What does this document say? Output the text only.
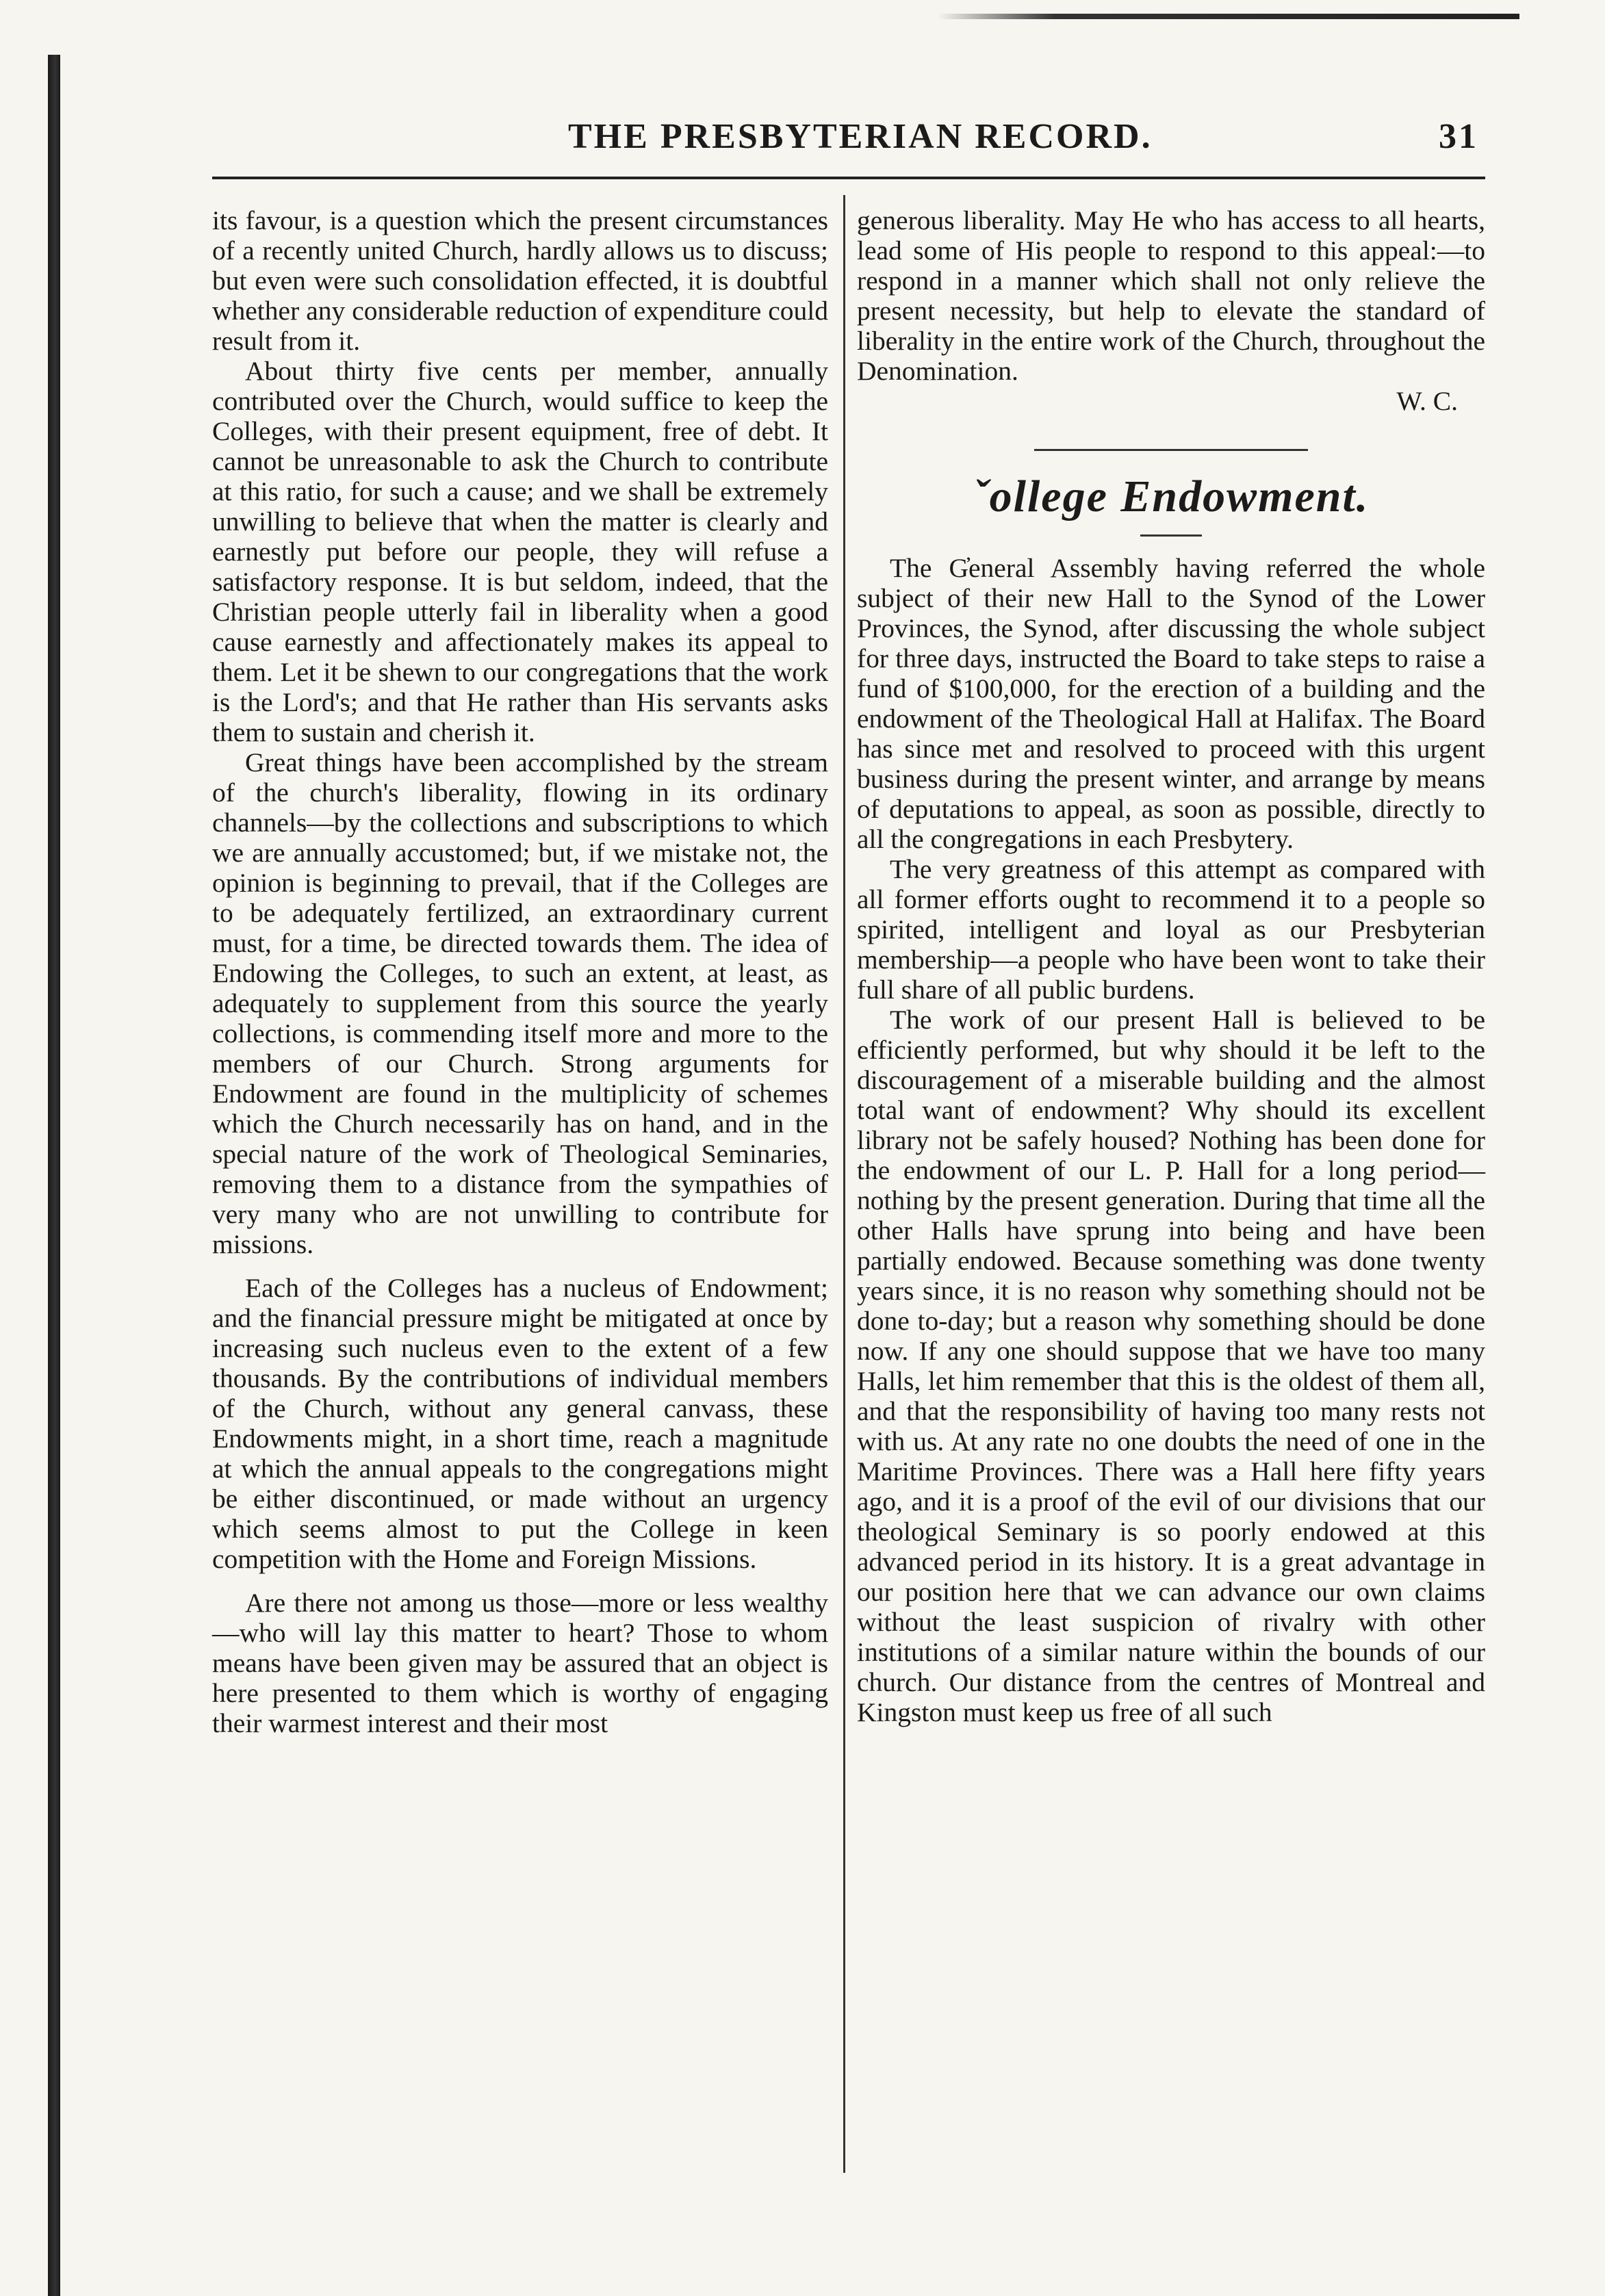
THE PRESBYTERIAN RECORD.	31

its favour, is a question which the present circumstances of a recently united Church, hardly allows us to discuss; but even were such consolidation effected, it is doubtful whether any considerable reduction of expenditure could result from it.

About thirty five cents per member, annually contributed over the Church, would suffice to keep the Colleges, with their present equipment, free of debt. It cannot be unreasonable to ask the Church to contribute at this ratio, for such a cause; and we shall be extremely unwilling to believe that when the matter is clearly and earnestly put before our people, they will refuse a satisfactory response. It is but seldom, indeed, that the Christian people utterly fail in liberality when a good cause earnestly and affectionately makes its appeal to them. Let it be shewn to our congregations that the work is the Lord's; and that He rather than His servants asks them to sustain and cherish it.

Great things have been accomplished by the stream of the church's liberality, flowing in its ordinary channels—by the collections and subscriptions to which we are annually accustomed; but, if we mistake not, the opinion is beginning to prevail, that if the Colleges are to be adequately fertilized, an extraordinary current must, for a time, be directed towards them. The idea of Endowing the Colleges, to such an extent, at least, as adequately to supplement from this source the yearly collections, is commending itself more and more to the members of our Church. Strong arguments for Endowment are found in the multiplicity of schemes which the Church necessarily has on hand, and in the special nature of the work of Theological Seminaries, removing them to a distance from the sympathies of very many who are not unwilling to contribute for missions.

Each of the Colleges has a nucleus of Endowment; and the financial pressure might be mitigated at once by increasing such nucleus even to the extent of a few thousands. By the contributions of individual members of the Church, without any general canvass, these Endowments might, in a short time, reach a magnitude at which the annual appeals to the congregations might be either discontinued, or made without an urgency which seems almost to put the College in keen competition with the Home and Foreign Missions.

Are there not among us those—more or less wealthy—who will lay this matter to heart? Those to whom means have been given may be assured that an object is here presented to them which is worthy of engaging their warmest interest and their most

generous liberality. May He who has access to all hearts, lead some of His people to respond to this appeal:—to respond in a manner which shall not only relieve the present necessity, but help to elevate the standard of liberality in the entire work of the Church, throughout the Denomination.

W. C.

ˇollege Endowment.

The G̓eneral Assembly having referred the whole subject of their new Hall to the Synod of the Lower Provinces, the Synod, after discussing the whole subject for three days, instructed the Board to take steps to raise a fund of $100,000, for the erection of a building and the endowment of the Theological Hall at Halifax. The Board has since met and resolved to proceed with this urgent business during the present winter, and arrange by means of deputations to appeal, as soon as possible, directly to all the congregations in each Presbytery.

The very greatness of this attempt as compared with all former efforts ought to recommend it to a people so spirited, intelligent and loyal as our Presbyterian membership—a people who have been wont to take their full share of all public burdens.

The work of our present Hall is believed to be efficiently performed, but why should it be left to the discouragement of a miserable building and the almost total want of endowment? Why should its excellent library not be safely housed? Nothing has been done for the endowment of our L. P. Hall for a long period—nothing by the present generation. During that time all the other Halls have sprung into being and have been partially endowed. Because something was done twenty years since, it is no reason why something should not be done to-day; but a reason why something should be done now. If any one should suppose that we have too many Halls, let him remember that this is the oldest of them all, and that the responsibility of having too many rests not with us. At any rate no one doubts the need of one in the Maritime Provinces. There was a Hall here fifty years ago, and it is a proof of the evil of our divisions that our theological Seminary is so poorly endowed at this advanced period in its history. It is a great advantage in our position here that we can advance our own claims without the least suspicion of rivalry with other institutions of a similar nature within the bounds of our church. Our distance from the centres of Montreal and Kingston must keep us free of all such
